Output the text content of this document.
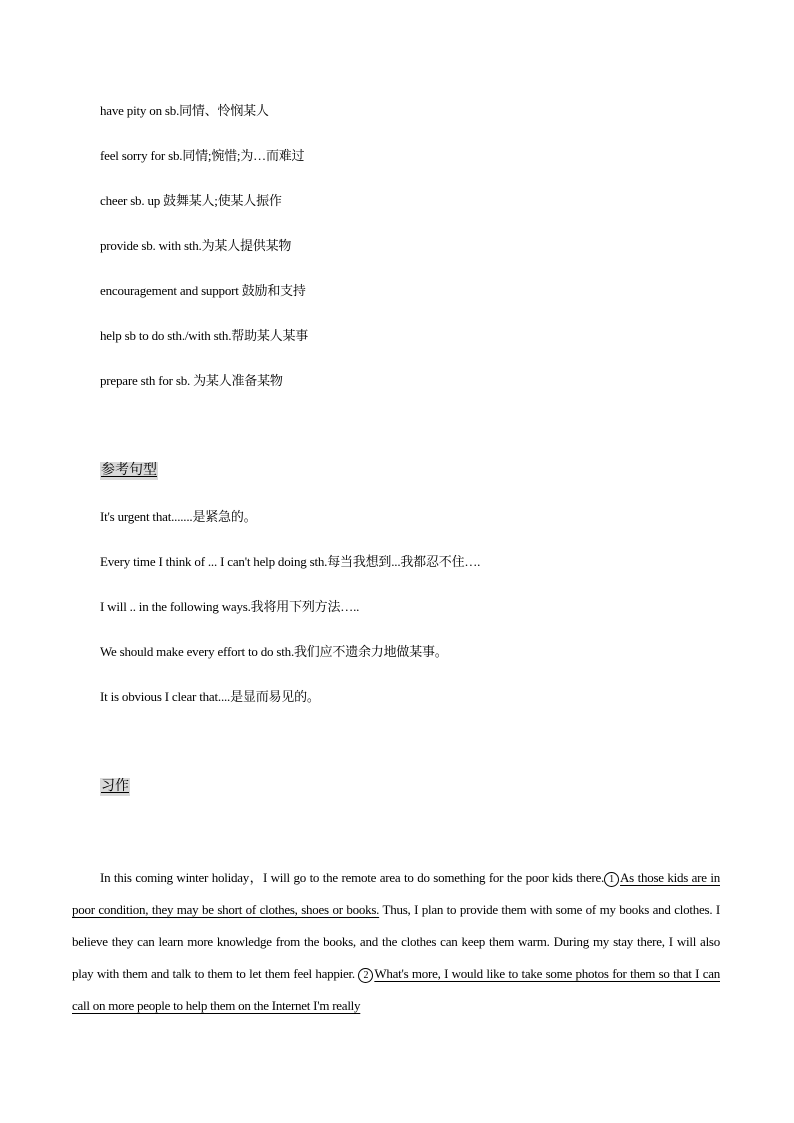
have pity on sb.同情、怜悯某人
feel sorry for sb.同情;惋惜;为…而难过
cheer sb. up 鼓舞某人;使某人振作
provide sb. with sth.为某人提供某物
encouragement and support 鼓励和支持
help sb to do sth./with sth.帮助某人某事
prepare sth for sb. 为某人准备某物
参考句型
It's urgent that.......是紧急的。
Every time I think of ... I can't help doing sth.每当我想到...我都忍不住….
I will .. in the following ways.我将用下列方法…..
We should make every effort to do sth.我们应不遗余力地做某事。
It is obvious I clear that....是显而易见的。
习作
In this coming winter holiday，I will go to the remote area to do something for the poor kids there. 1 As those kids are in poor condition, they may be short of clothes, shoes or books. Thus, I plan to provide them with some of my books and clothes. I believe they can learn more knowledge from the books, and the clothes can keep them warm. During my stay there, I will also play with them and talk to them to let them feel happier. 2 What's more, I would like to take some photos for them so that I can call on more people to help them on the Internet I'm really
